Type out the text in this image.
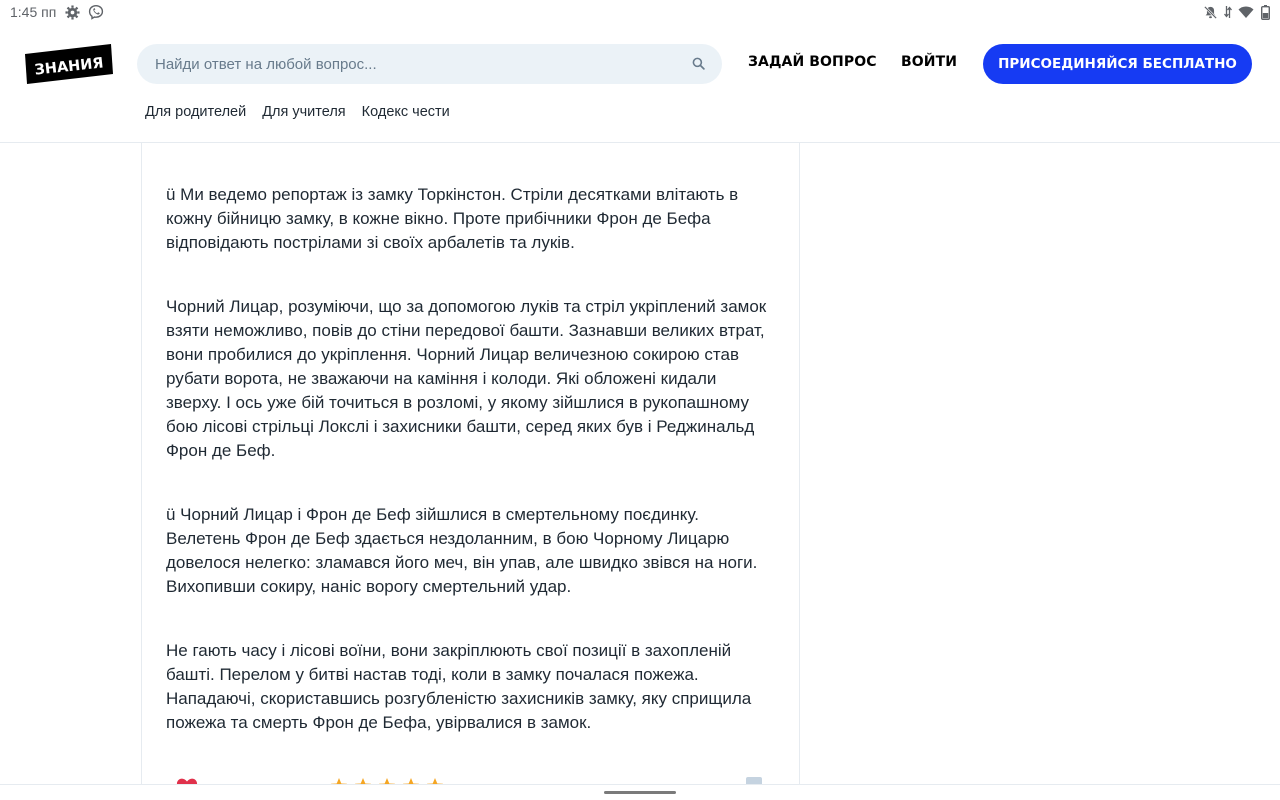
1:45 пп
ЗНАНИЯ
Найди ответ на любой вопрос...	ЗАДАЙ ВОПРОС ВОЙТИ	ПРИСОЕДИНЯЙСЯ БЕСПЛАТНО
Для родителей Для учителя Кодекс чести

ü Ми ведемо репортаж із замку Торкінстон. Стріли десятками влітають в кожну бійницю замку, в кожне вікно. Проте прибічники Фрон де Бефа відповідають пострілами зі своїх арбалетів та луків.

Чорний Лицар, розуміючи, що за допомогою луків та стріл укріплений замок взяти неможливо, повів до стіни передової башти. Зазнавши великих втрат, вони пробилися до укріплення. Чорний Лицар величезною сокирою став рубати ворота, не зважаючи на каміння і колоди. Які обложені кидали зверху. І ось уже бій точиться в розломі, у якому зійшлися в рукопашному бою лісові стрільці Локслі і захисники башти, серед яких був і Реджинальд Фрон де Беф.

ü Чорний Лицар і Фрон де Беф зійшлися в смертельному поєдинку. Велетень Фрон де Беф здається нездоланним, в бою Чорному Лицарю довелося нелегко: зламався його меч, він упав, але швидко звівся на ноги. Вихопивши сокиру, наніс ворогу смертельний удар.

Не гають часу і лісові воїни, вони закріплюють свої позиції в захопленій башті. Перелом у битві настав тоді, коли в замку почалася пожежа. Нападаючі, скориставшись розгубленістю захисників замку, яку сприщила пожежа та смерть Фрон де Бефа, увірвалися в замок.
